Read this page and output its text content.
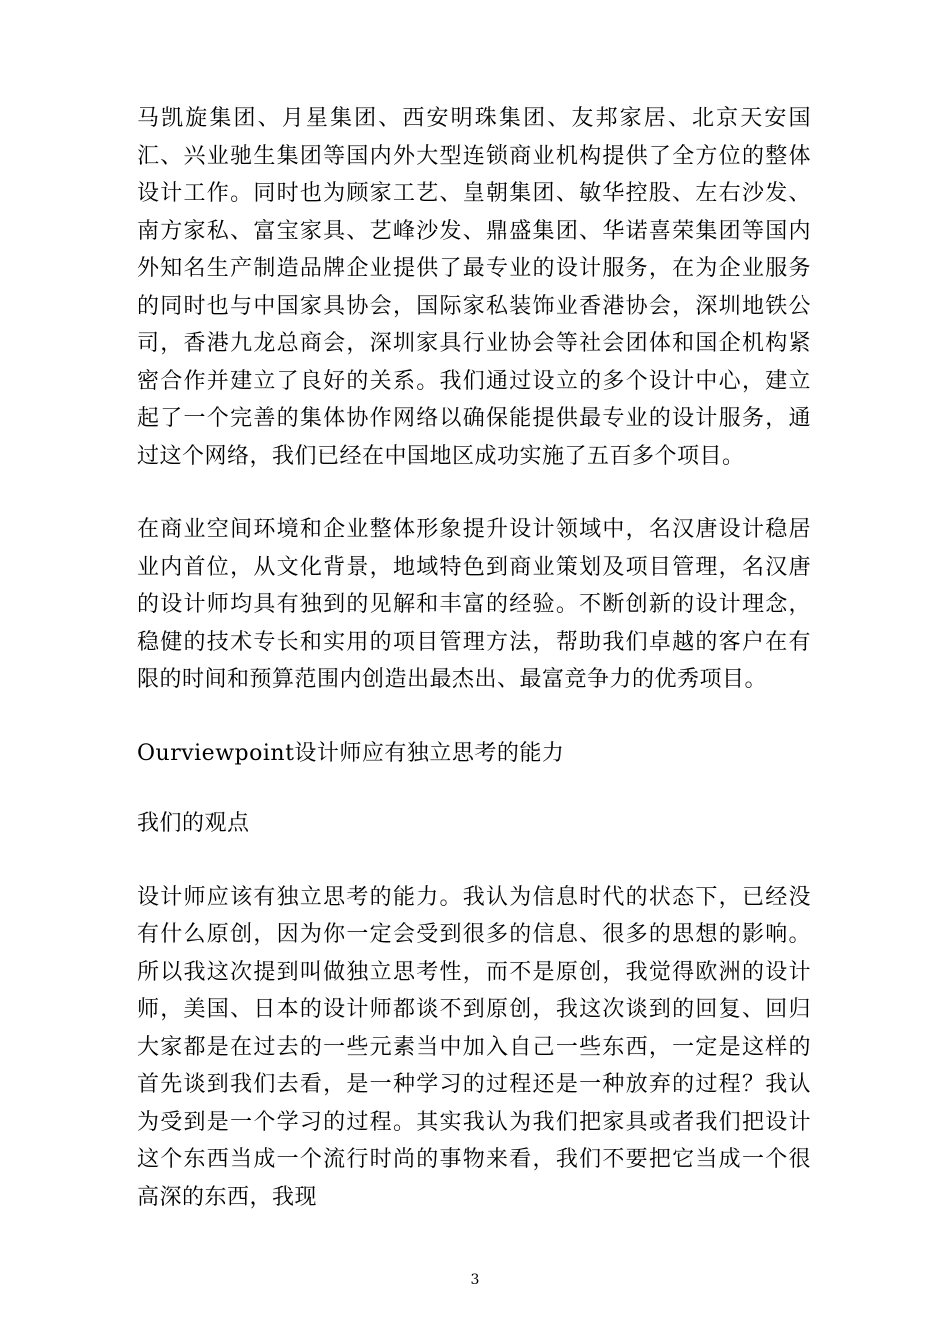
马凯旋集团、月星集团、西安明珠集团、友邦家居、北京天安国汇、兴业驰生集团等国内外大型连锁商业机构提供了全方位的整体设计工作。同时也为顾家工艺、皇朝集团、敏华控股、左右沙发、南方家私、富宝家具、艺峰沙发、鼎盛集团、华诺喜荣集团等国内外知名生产制造品牌企业提供了最专业的设计服务，在为企业服务的同时也与中国家具协会，国际家私装饰业香港协会，深圳地铁公司，香港九龙总商会，深圳家具行业协会等社会团体和国企机构紧密合作并建立了良好的关系。我们通过设立的多个设计中心，建立起了一个完善的集体协作网络以确保能提供最专业的设计服务，通过这个网络，我们已经在中国地区成功实施了五百多个项目。

在商业空间环境和企业整体形象提升设计领域中，名汉唐设计稳居业内首位，从文化背景，地域特色到商业策划及项目管理，名汉唐的设计师均具有独到的见解和丰富的经验。不断创新的设计理念，稳健的技术专长和实用的项目管理方法，帮助我们卓越的客户在有限的时间和预算范围内创造出最杰出、最富竞争力的优秀项目。

Ourviewpoint设计师应有独立思考的能力

我们的观点

设计师应该有独立思考的能力。我认为信息时代的状态下，已经没有什么原创，因为你一定会受到很多的信息、很多的思想的影响。所以我这次提到叫做独立思考性，而不是原创，我觉得欧洲的设计师，美国、日本的设计师都谈不到原创，我这次谈到的回复、回归大家都是在过去的一些元素当中加入自己一些东西，一定是这样的首先谈到我们去看，是一种学习的过程还是一种放弃的过程？我认为受到是一个学习的过程。其实我认为我们把家具或者我们把设计这个东西当成一个流行时尚的事物来看，我们不要把它当成一个很高深的东西，我现

3
